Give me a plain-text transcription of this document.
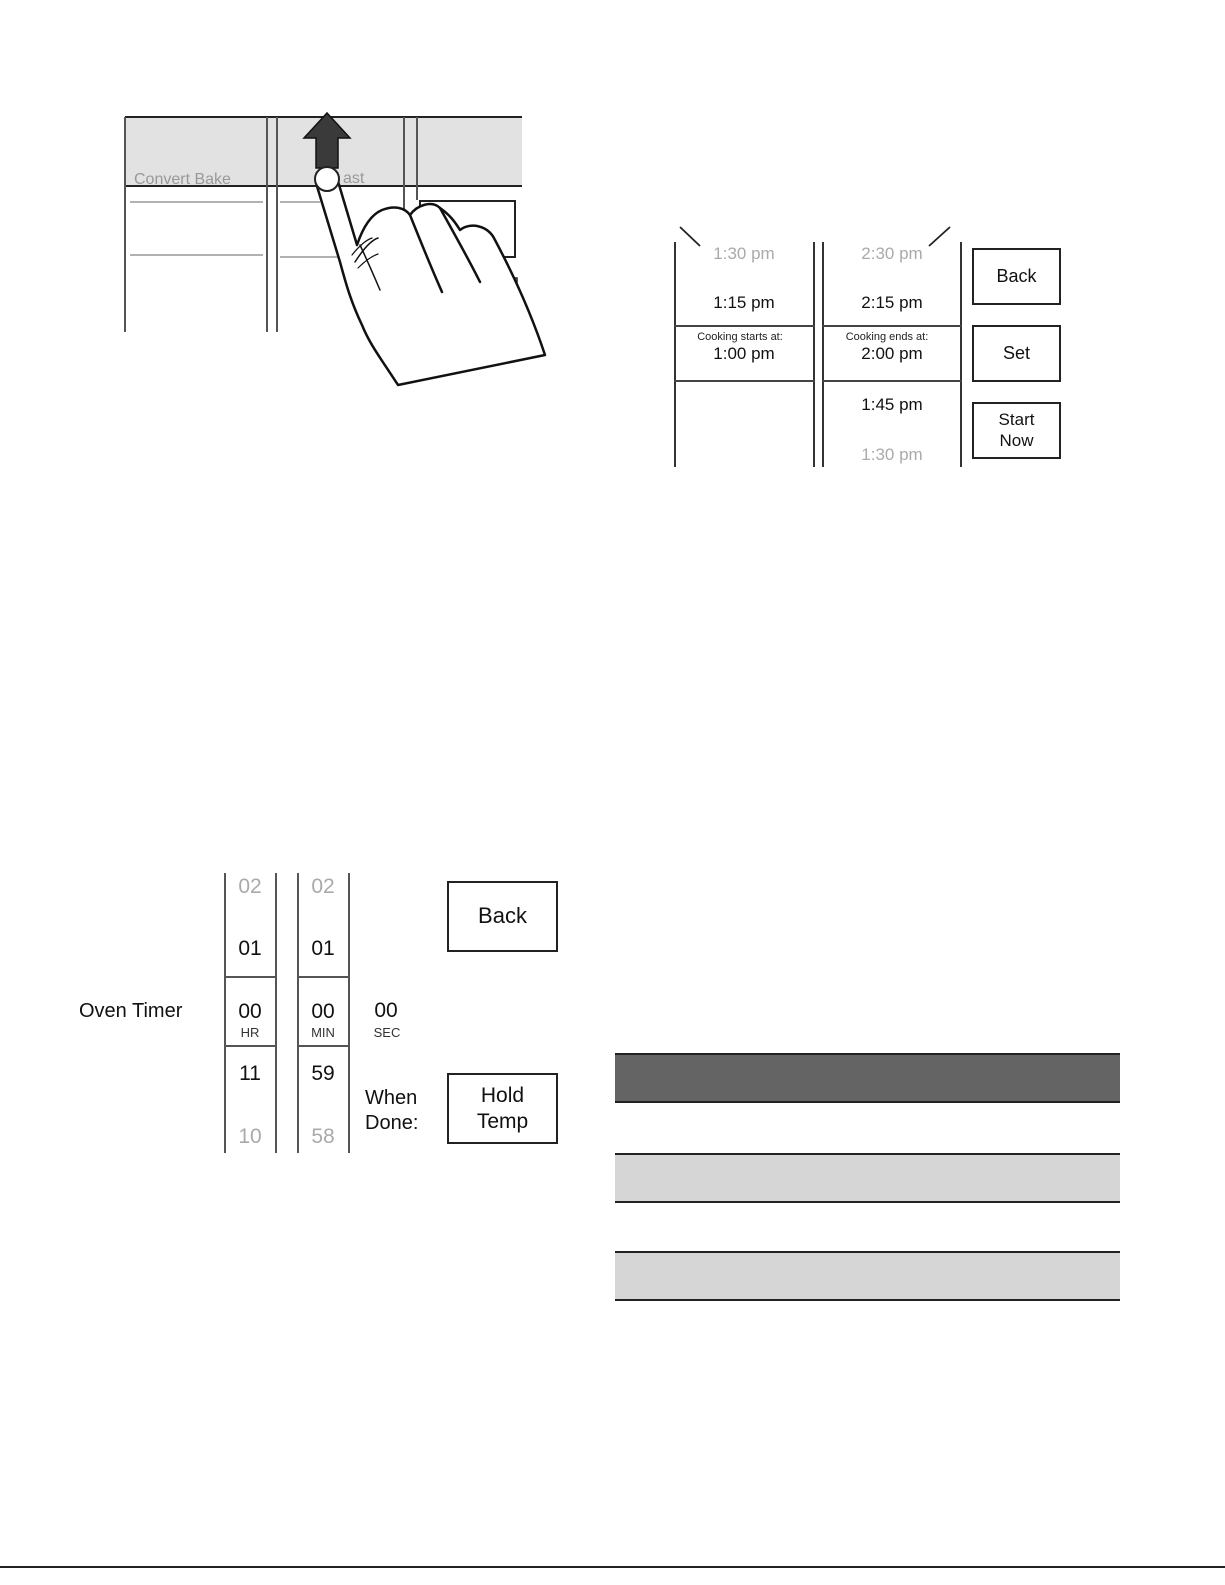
Convert Bake	ast
1:30 pm
1:15 pm
Cooking starts at:
1:00 pm
2:30 pm
2:15 pm
Cooking ends at:
2:00 pm
1:45 pm
1:30 pm
Back
Set
Start
Now
Oven Timer
02
01
00
HR
11
10
02
01
00
MIN
59
58
00
SEC
When
Done:
Back
Hold
Temp
